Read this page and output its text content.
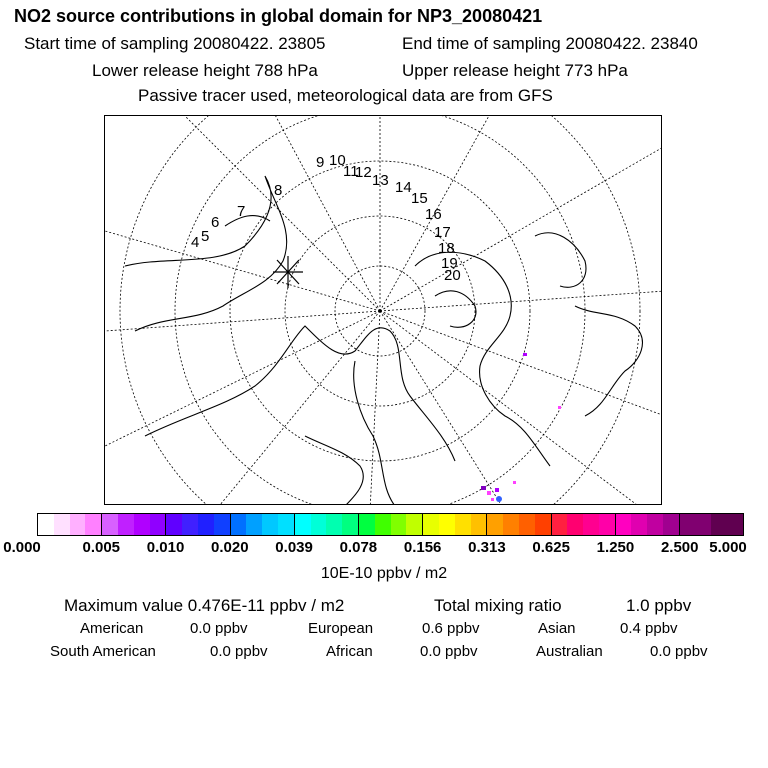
NO2 source contributions in global domain for NP3_20080421
Start time of sampling 20080422. 23805	End time of sampling 20080422. 23840
Lower release height 788 hPa	Upper release height 773 hPa
Passive tracer used, meteorological data are from GFS
4 5
6
7
8
9 10
11
12 13 14
15
16
17
18
19
20
0.000	0.005 0.010 0.020 0.039 0.078 0.156 0.313 0.625 1.250 2.500 5.000
10E-10 ppbv / m2
Maximum value 0.476E-11 ppbv / m2	Total mixing ratio	1.0 ppbv
American	0.0 ppbv	European	0.6 ppbv	Asian	0.4 ppbv
South American	0.0 ppbv	African	0.0 ppbv	Australian	0.0 ppbv
